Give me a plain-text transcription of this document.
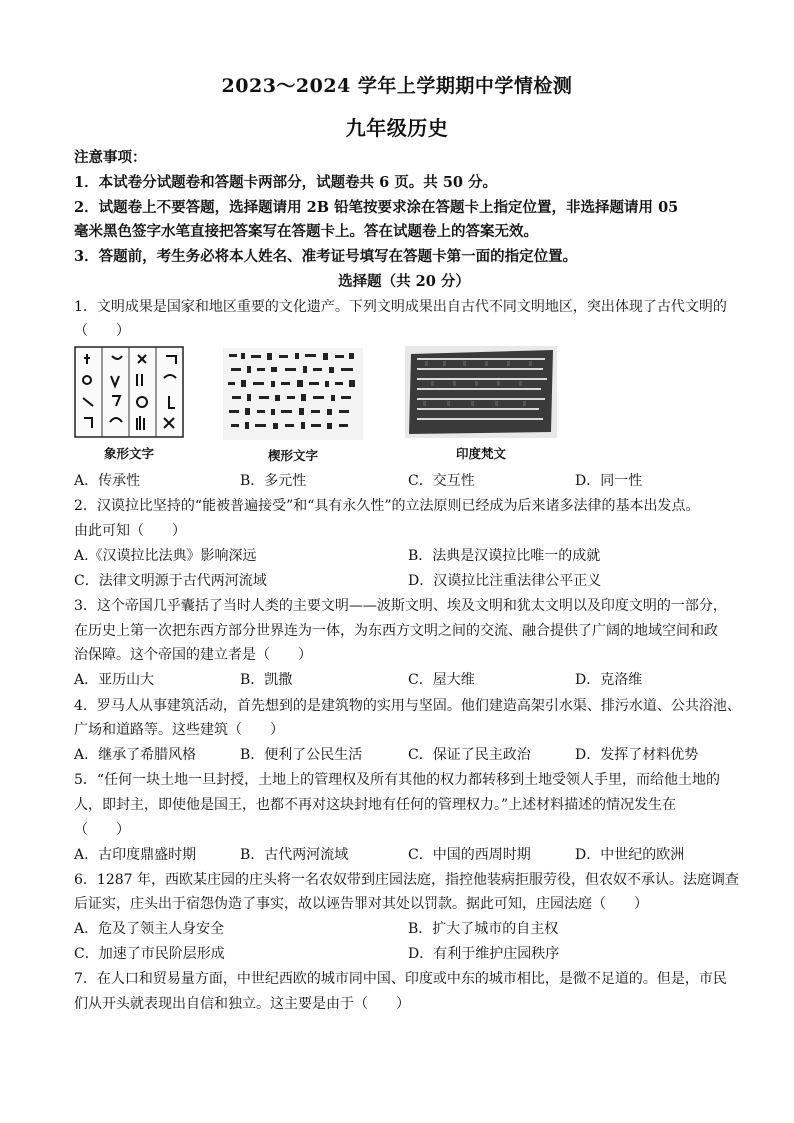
2023～2024 学年上学期期中学情检测
九年级历史
注意事项：
1．本试卷分试题卷和答题卡两部分，试题卷共 6 页。共 50 分。
2．试题卷上不要答题，选择题请用 2B 铅笔按要求涂在答题卡上指定位置，非选择题请用 05
毫米黑色签字水笔直接把答案写在答题卡上。答在试题卷上的答案无效。
3．答题前，考生务必将本人姓名、准考证号填写在答题卡第一面的指定位置。
选择题（共 20 分）
1．文明成果是国家和地区重要的文化遗产。下列文明成果出自古代不同文明地区，突出体现了古代文明的
（　　）
象形文字	楔形文字	印度梵文
A．传承性	B．多元性	C．交互性	D．同一性
2．汉谟拉比坚持的“能被普遍接受”和“具有永久性”的立法原则已经成为后来诸多法律的基本出发点。
由此可知（　　）
A.《汉谟拉比法典》影响深远	B．法典是汉谟拉比唯一的成就
C．法律文明源于古代两河流域	D．汉谟拉比注重法律公平正义
3．这个帝国几乎囊括了当时人类的主要文明——波斯文明、埃及文明和犹太文明以及印度文明的一部分，
在历史上第一次把东西方部分世界连为一体，为东西方文明之间的交流、融合提供了广阔的地域空间和政
治保障。这个帝国的建立者是（　　）
A．亚历山大	B．凯撒	C．屋大维	D．克洛维
4．罗马人从事建筑活动，首先想到的是建筑物的实用与坚固。他们建造高架引水渠、排污水道、公共浴池、
广场和道路等。这些建筑（　　）
A．继承了希腊风格	B．便利了公民生活	C．保证了民主政治	D．发挥了材料优势
5．“任何一块土地一旦封授，土地上的管理权及所有其他的权力都转移到土地受领人手里，而给他土地的
人，即封主，即使他是国王，也都不再对这块封地有任何的管理权力。”上述材料描述的情况发生在
（　　）
A．古印度鼎盛时期	B．古代两河流域	C．中国的西周时期	D．中世纪的欧洲
6．1287 年，西欧某庄园的庄头将一名农奴带到庄园法庭，指控他装病拒服劳役，但农奴不承认。法庭调查
后证实，庄头出于宿怨伪造了事实，故以诬告罪对其处以罚款。据此可知，庄园法庭（　　）
A．危及了领主人身安全	B．扩大了城市的自主权
C．加速了市民阶层形成	D．有利于维护庄园秩序
7．在人口和贸易量方面，中世纪西欧的城市同中国、印度或中东的城市相比，是微不足道的。但是，市民
们从开头就表现出自信和独立。这主要是由于（　　）
